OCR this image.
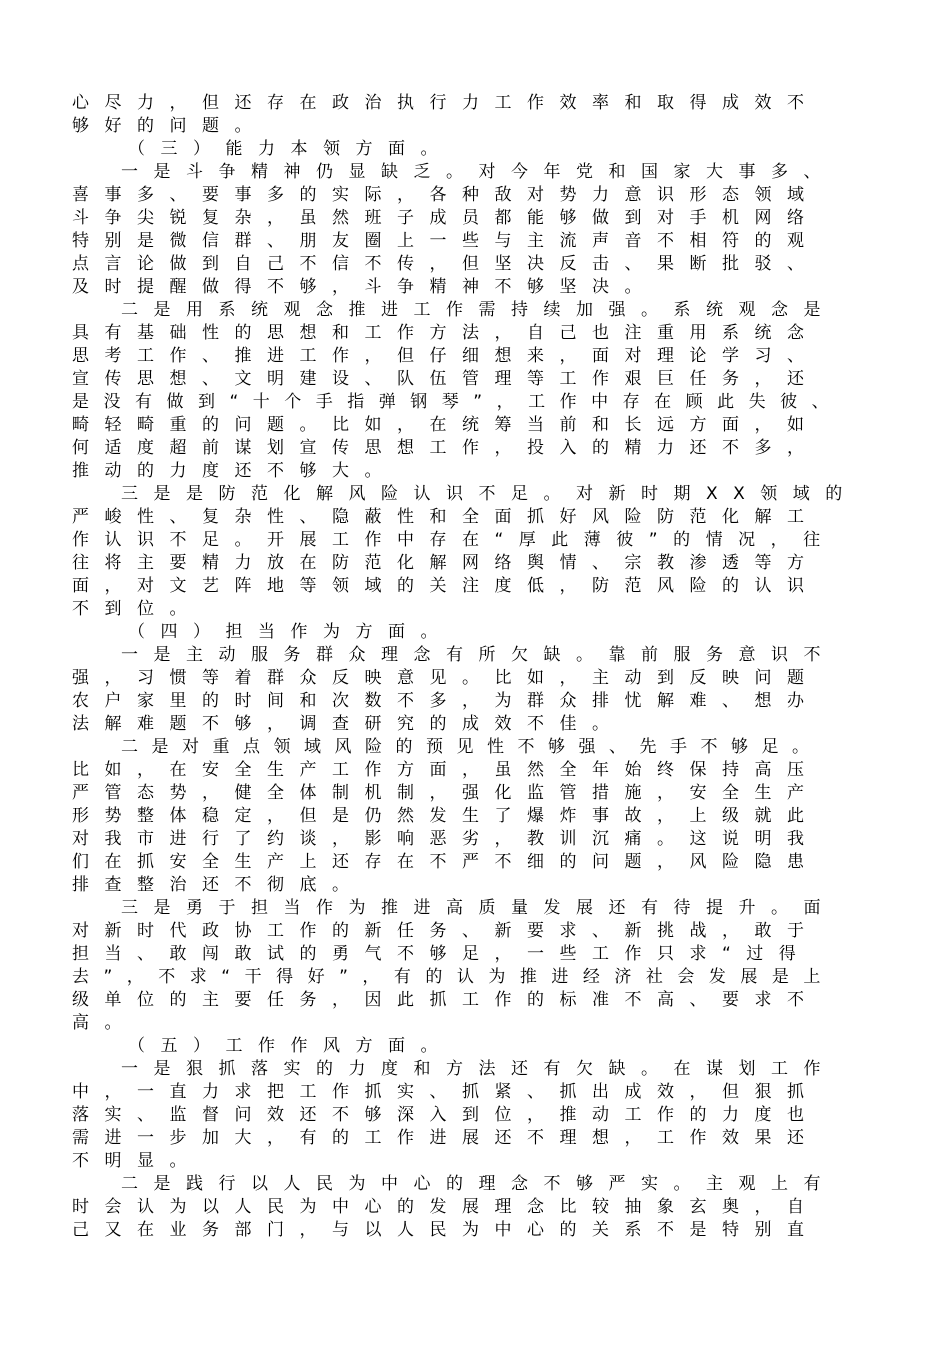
心尽力，但还存在政治执行力工作效率和取得成效不
够好的问题。
（三）能力本领方面。
一是斗争精神仍显缺乏。对今年党和国家大事多、
喜事多、要事多的实际，各种敌对势力意识形态领域
斗争尖锐复杂，虽然班子成员都能够做到对手机网络
特别是微信群、朋友圈上一些与主流声音不相符的观
点言论做到自己不信不传，但坚决反击、果断批驳、
及时提醒做得不够，斗争精神不够坚决。
二是用系统观念推进工作需持续加强。系统观念是
具有基础性的思想和工作方法，自己也注重用系统念
思考工作、推进工作，但仔细想来，面对理论学习、
宣传思想、文明建设、队伍管理等工作艰巨任务，还
是没有做到“十个手指弹钢琴”，工作中存在顾此失彼、
畸轻畸重的问题。比如，在统筹当前和长远方面，如
何适度超前谋划宣传思想工作，投入的精力还不多，
推动的力度还不够大。
三是是防范化解风险认识不足。对新时期XX领域的
严峻性、复杂性、隐蔽性和全面抓好风险防范化解工
作认识不足。开展工作中存在“厚此薄彼”的情况，往
往将主要精力放在防范化解网络舆情、宗教渗透等方
面，对文艺阵地等领域的关注度低，防范风险的认识
不到位。
（四）担当作为方面。
一是主动服务群众理念有所欠缺。靠前服务意识不
强，习惯等着群众反映意见。比如，主动到反映问题
农户家里的时间和次数不多，为群众排忧解难、想办
法解难题不够，调查研究的成效不佳。
二是对重点领域风险的预见性不够强、先手不够足。
比如，在安全生产工作方面，虽然全年始终保持高压
严管态势，健全体制机制，强化监管措施，安全生产
形势整体稳定，但是仍然发生了爆炸事故，上级就此
对我市进行了约谈，影响恶劣，教训沉痛。这说明我
们在抓安全生产上还存在不严不细的问题，风险隐患
排查整治还不彻底。
三是勇于担当作为推进高质量发展还有待提升。面
对新时代政协工作的新任务、新要求、新挑战，敢于
担当、敢闯敢试的勇气不够足，一些工作只求“过得
去”，不求“干得好”，有的认为推进经济社会发展是上
级单位的主要任务，因此抓工作的标准不高、要求不
高。
（五）工作作风方面。
一是狠抓落实的力度和方法还有欠缺。在谋划工作
中，一直力求把工作抓实、抓紧、抓出成效，但狠抓
落实、监督问效还不够深入到位，推动工作的力度也
需进一步加大，有的工作进展还不理想，工作效果还
不明显。
二是践行以人民为中心的理念不够严实。主观上有
时会认为以人民为中心的发展理念比较抽象玄奥，自
己又在业务部门，与以人民为中心的关系不是特别直
